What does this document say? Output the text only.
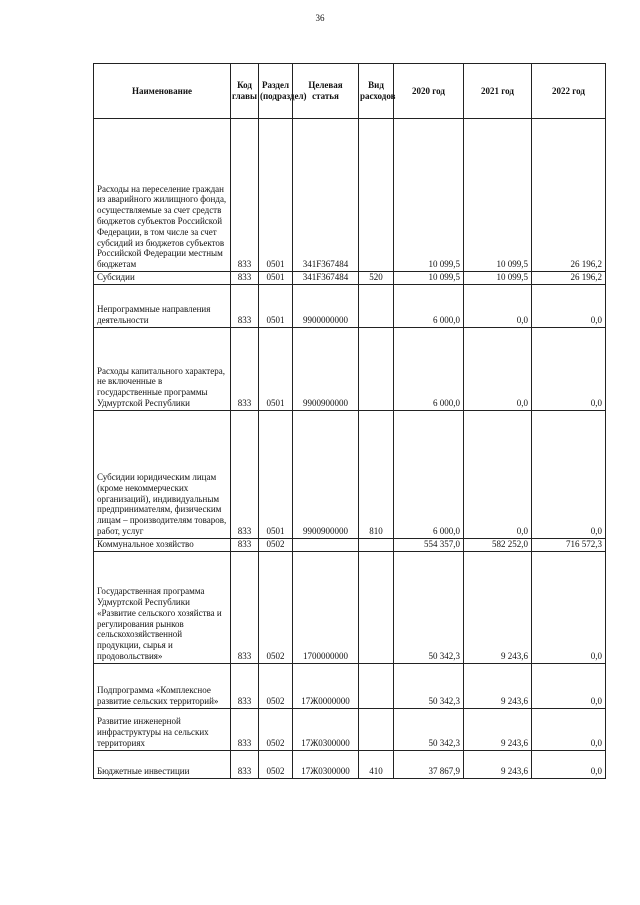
36
Наименование	Код главы	Раздел (подраздел)	Целевая статья	Вид расходов	2020 год	2021 год	2022 год
Расходы на переселение граждан из аварийного жилищного фонда, осуществляемые за счет средств бюджетов субъектов Российской Федерации, в том числе за счет субсидий из бюджетов субъектов Российской Федерации местным бюджетам	833	0501	341F367484		10 099,5	10 099,5	26 196,2
Субсидии	833	0501	341F367484	520	10 099,5	10 099,5	26 196,2
Непрограммные направления деятельности	833	0501	9900000000		6 000,0	0,0	0,0
Расходы капитального характера, не включенные в государственные программы Удмуртской Республики	833	0501	9900900000		6 000,0	0,0	0,0
Субсидии юридическим лицам (кроме некоммерческих организаций), индивидуальным предпринимателям, физическим лицам – производителям товаров, работ, услуг	833	0501	9900900000	810	6 000,0	0,0	0,0
Коммунальное хозяйство	833	0502			554 357,0	582 252,0	716 572,3
Государственная программа Удмуртской Республики «Развитие сельского хозяйства и регулирования рынков сельскохозяйственной продукции, сырья и продовольствия»	833	0502	1700000000		50 342,3	9 243,6	0,0
Подпрограмма «Комплексное развитие сельских территорий»	833	0502	17Ж0000000		50 342,3	9 243,6	0,0
Развитие инженерной инфраструктуры на сельских территориях	833	0502	17Ж0300000		50 342,3	9 243,6	0,0
Бюджетные инвестиции	833	0502	17Ж0300000	410	37 867,9	9 243,6	0,0
